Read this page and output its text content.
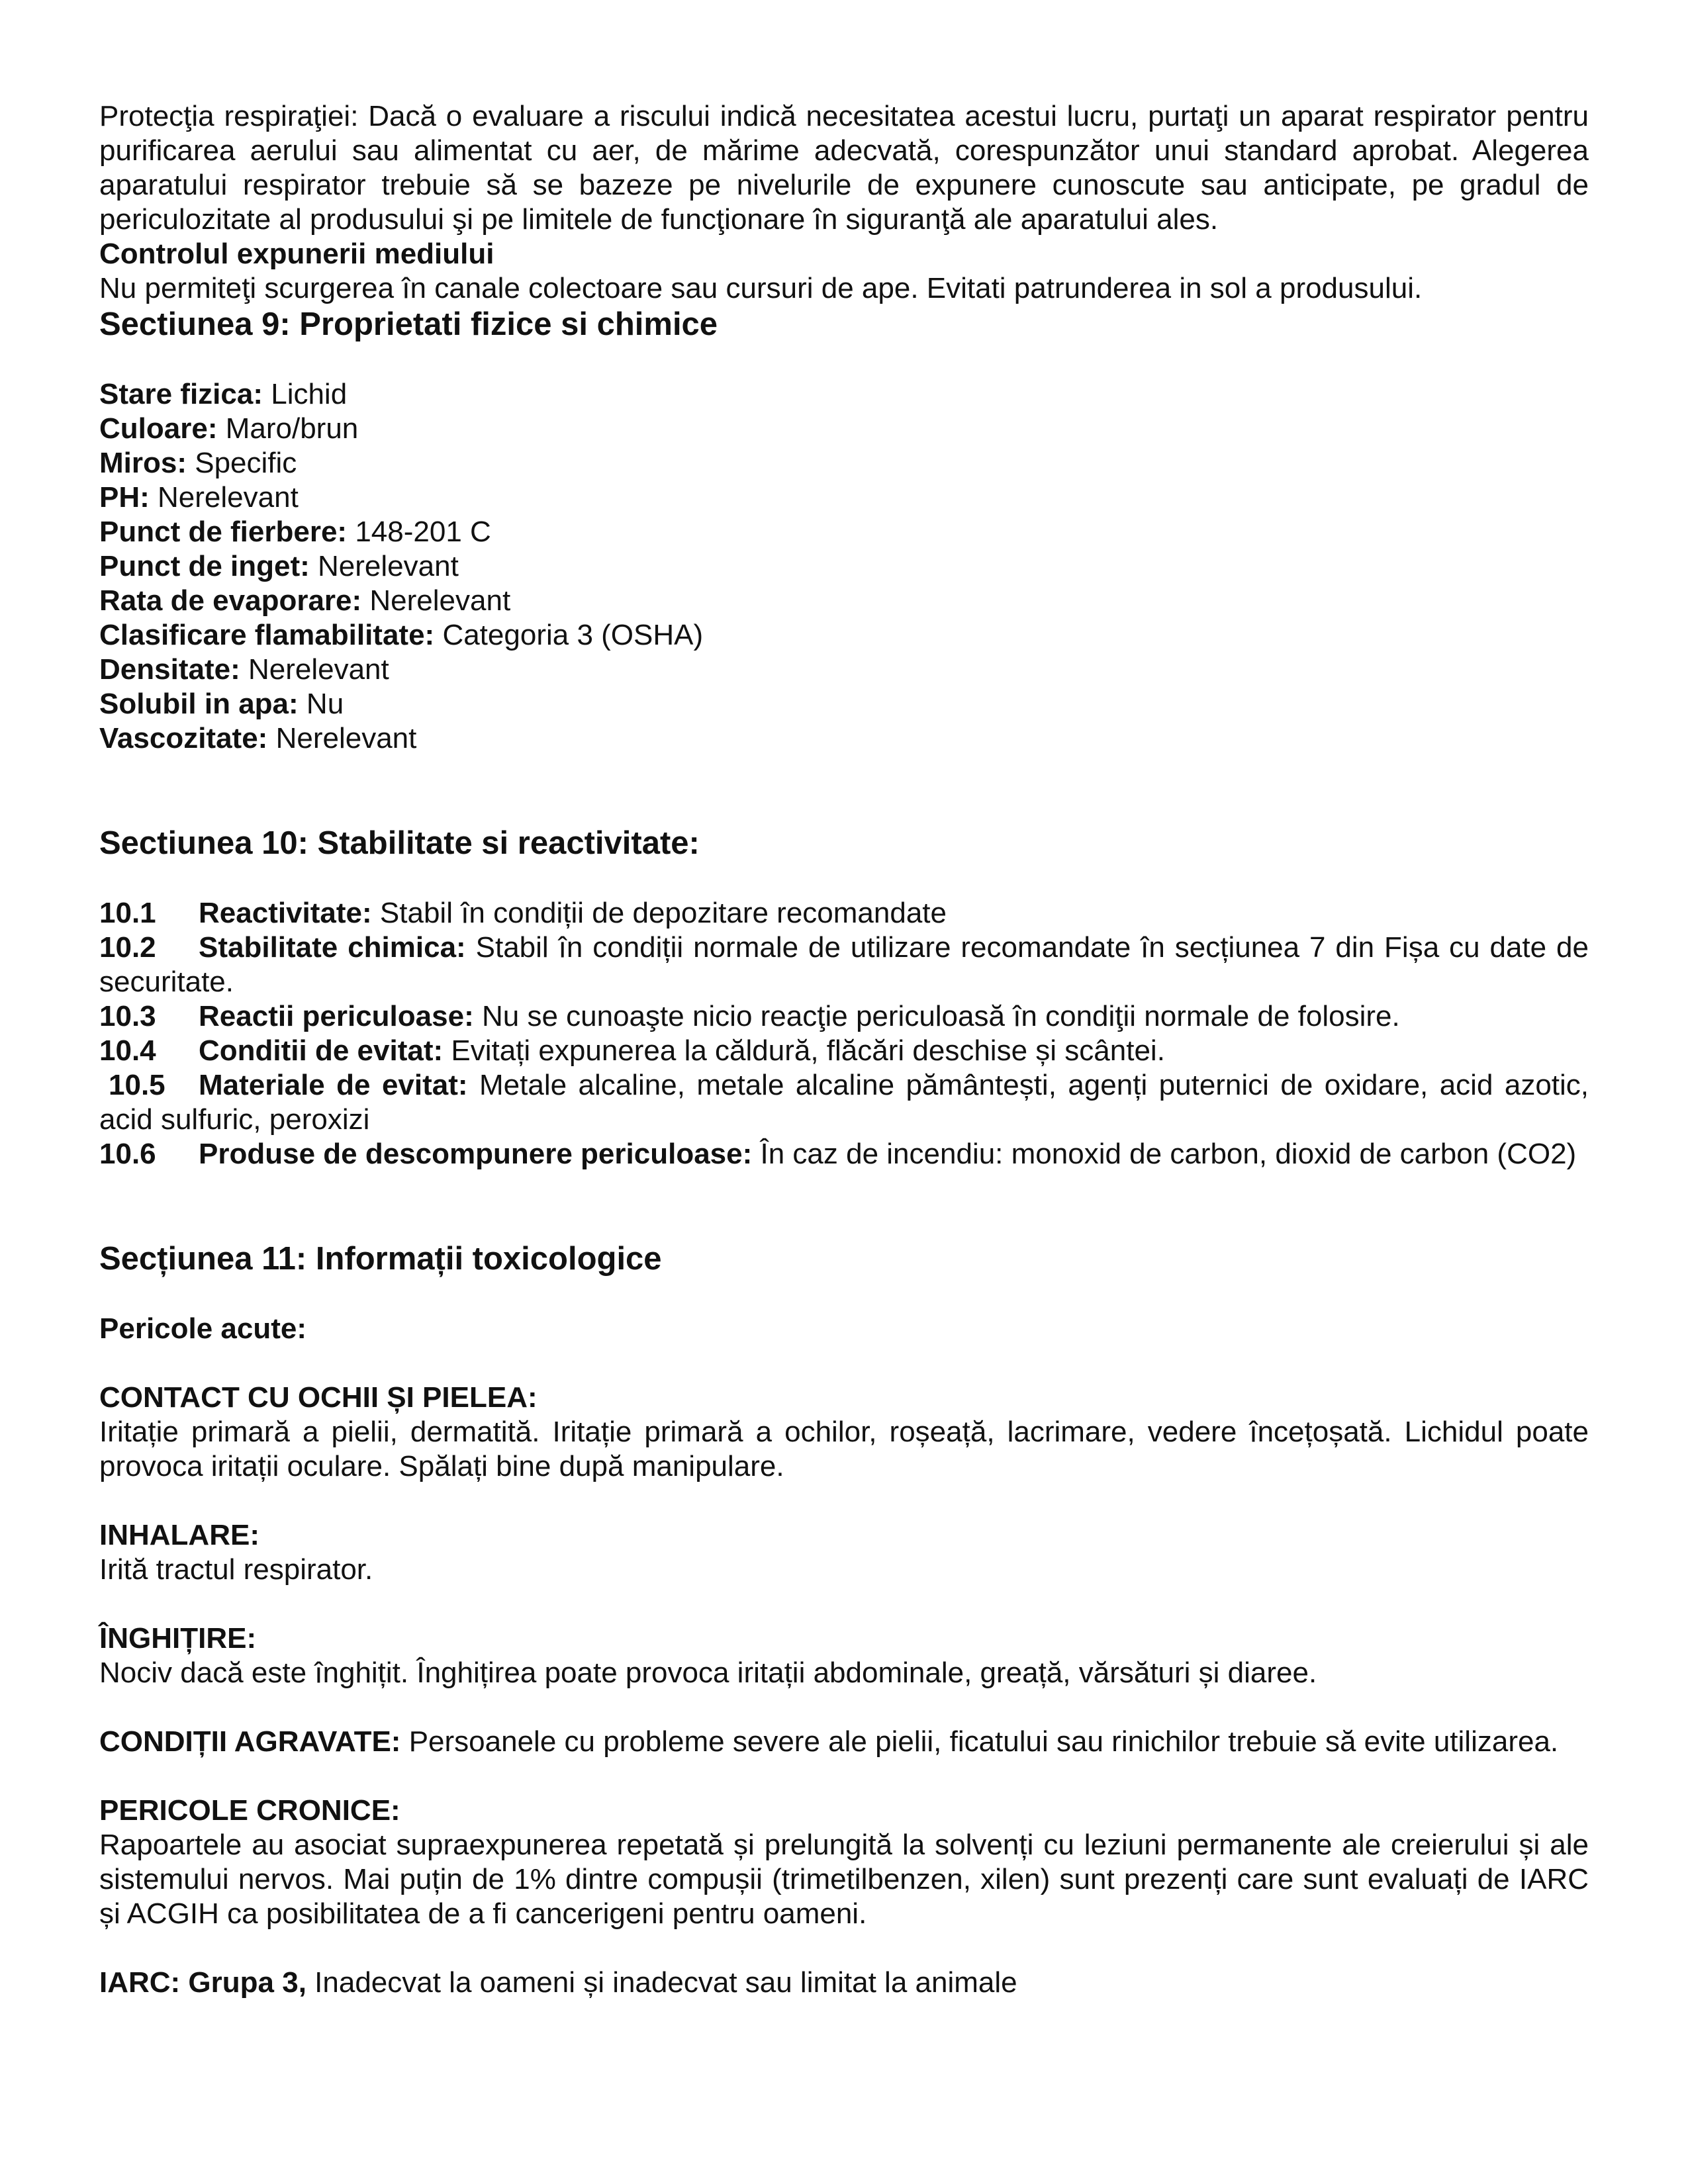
Protecţia respiraţiei: Dacă o evaluare a riscului indică necesitatea acestui lucru, purtaţi un aparat respirator pentru purificarea aerului sau alimentat cu aer, de mărime adecvată, corespunzător unui standard aprobat. Alegerea aparatului respirator trebuie să se bazeze pe nivelurile de expunere cunoscute sau anticipate, pe gradul de periculozitate al produsului şi pe limitele de funcţionare în siguranţă ale aparatului ales.

Controlul expunerii mediului

Nu permiteţi scurgerea în canale colectoare sau cursuri de ape. Evitati patrunderea in sol a produsului.

Sectiunea 9: Proprietati fizice si chimice

Stare fizica: Lichid

Culoare: Maro/brun

Miros: Specific

PH: Nerelevant

Punct de fierbere: 148-201 C

Punct de inget: Nerelevant

Rata de evaporare: Nerelevant

Clasificare flamabilitate: Categoria 3 (OSHA)

Densitate: Nerelevant

Solubil in apa: Nu

Vascozitate: Nerelevant

Sectiunea 10: Stabilitate si reactivitate:

10.1 Reactivitate: Stabil în condiții de depozitare recomandate

10.2 Stabilitate chimica: Stabil în condiții normale de utilizare recomandate în secțiunea 7 din Fișa cu date de securitate.

10.3 Reactii periculoase: Nu se cunoaşte nicio reacţie periculoasă în condiţii normale de folosire.

10.4 Conditii de evitat: Evitați expunerea la căldură, flăcări deschise și scântei.

10.5 Materiale de evitat: Metale alcaline, metale alcaline pământești, agenți puternici de oxidare, acid azotic, acid sulfuric, peroxizi

10.6 Produse de descompunere periculoase: În caz de incendiu: monoxid de carbon, dioxid de carbon (CO2)

Secțiunea 11: Informații toxicologice

Pericole acute:

CONTACT CU OCHII ȘI PIELEA:

Iritație primară a pielii, dermatită. Iritație primară a ochilor, roșeață, lacrimare, vedere încețoșată. Lichidul poate provoca iritații oculare. Spălați bine după manipulare.

INHALARE:

Irită tractul respirator.

ÎNGHIȚIRE:

Nociv dacă este înghițit. Înghițirea poate provoca iritații abdominale, greață, vărsături și diaree.

CONDIȚII AGRAVATE: Persoanele cu probleme severe ale pielii, ficatului sau rinichilor trebuie să evite utilizarea.

PERICOLE CRONICE:

Rapoartele au asociat supraexpunerea repetată și prelungită la solvenți cu leziuni permanente ale creierului și ale sistemului nervos. Mai puțin de 1% dintre compușii (trimetilbenzen, xilen) sunt prezenți care sunt evaluați de IARC și ACGIH ca posibilitatea de a fi cancerigeni pentru oameni.

IARC: Grupa 3, Inadecvat la oameni și inadecvat sau limitat la animale
